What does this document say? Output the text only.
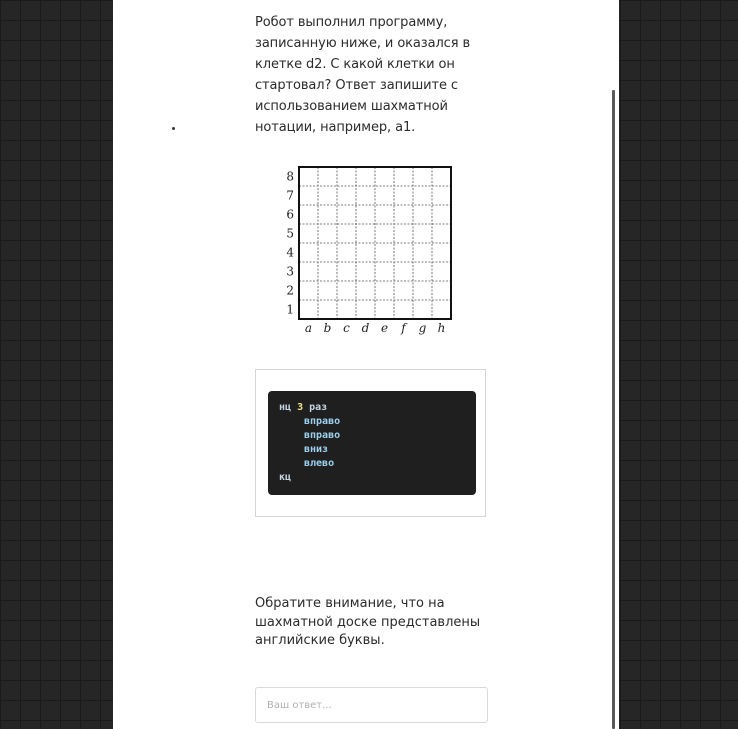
Робот выполнил программу, записанную ниже, и оказался в клетке d2. С какой клетки он стартовал? Ответ запишите с использованием шахматной нотации, например, а1.

1
2
3
4
5
6
7
8
a b c d e f g h
нц 3 раз
вправо
вправо
вниз
влево
кц

Обратите внимание, что на шахматной доске представлены английские буквы.

Ваш ответ...
